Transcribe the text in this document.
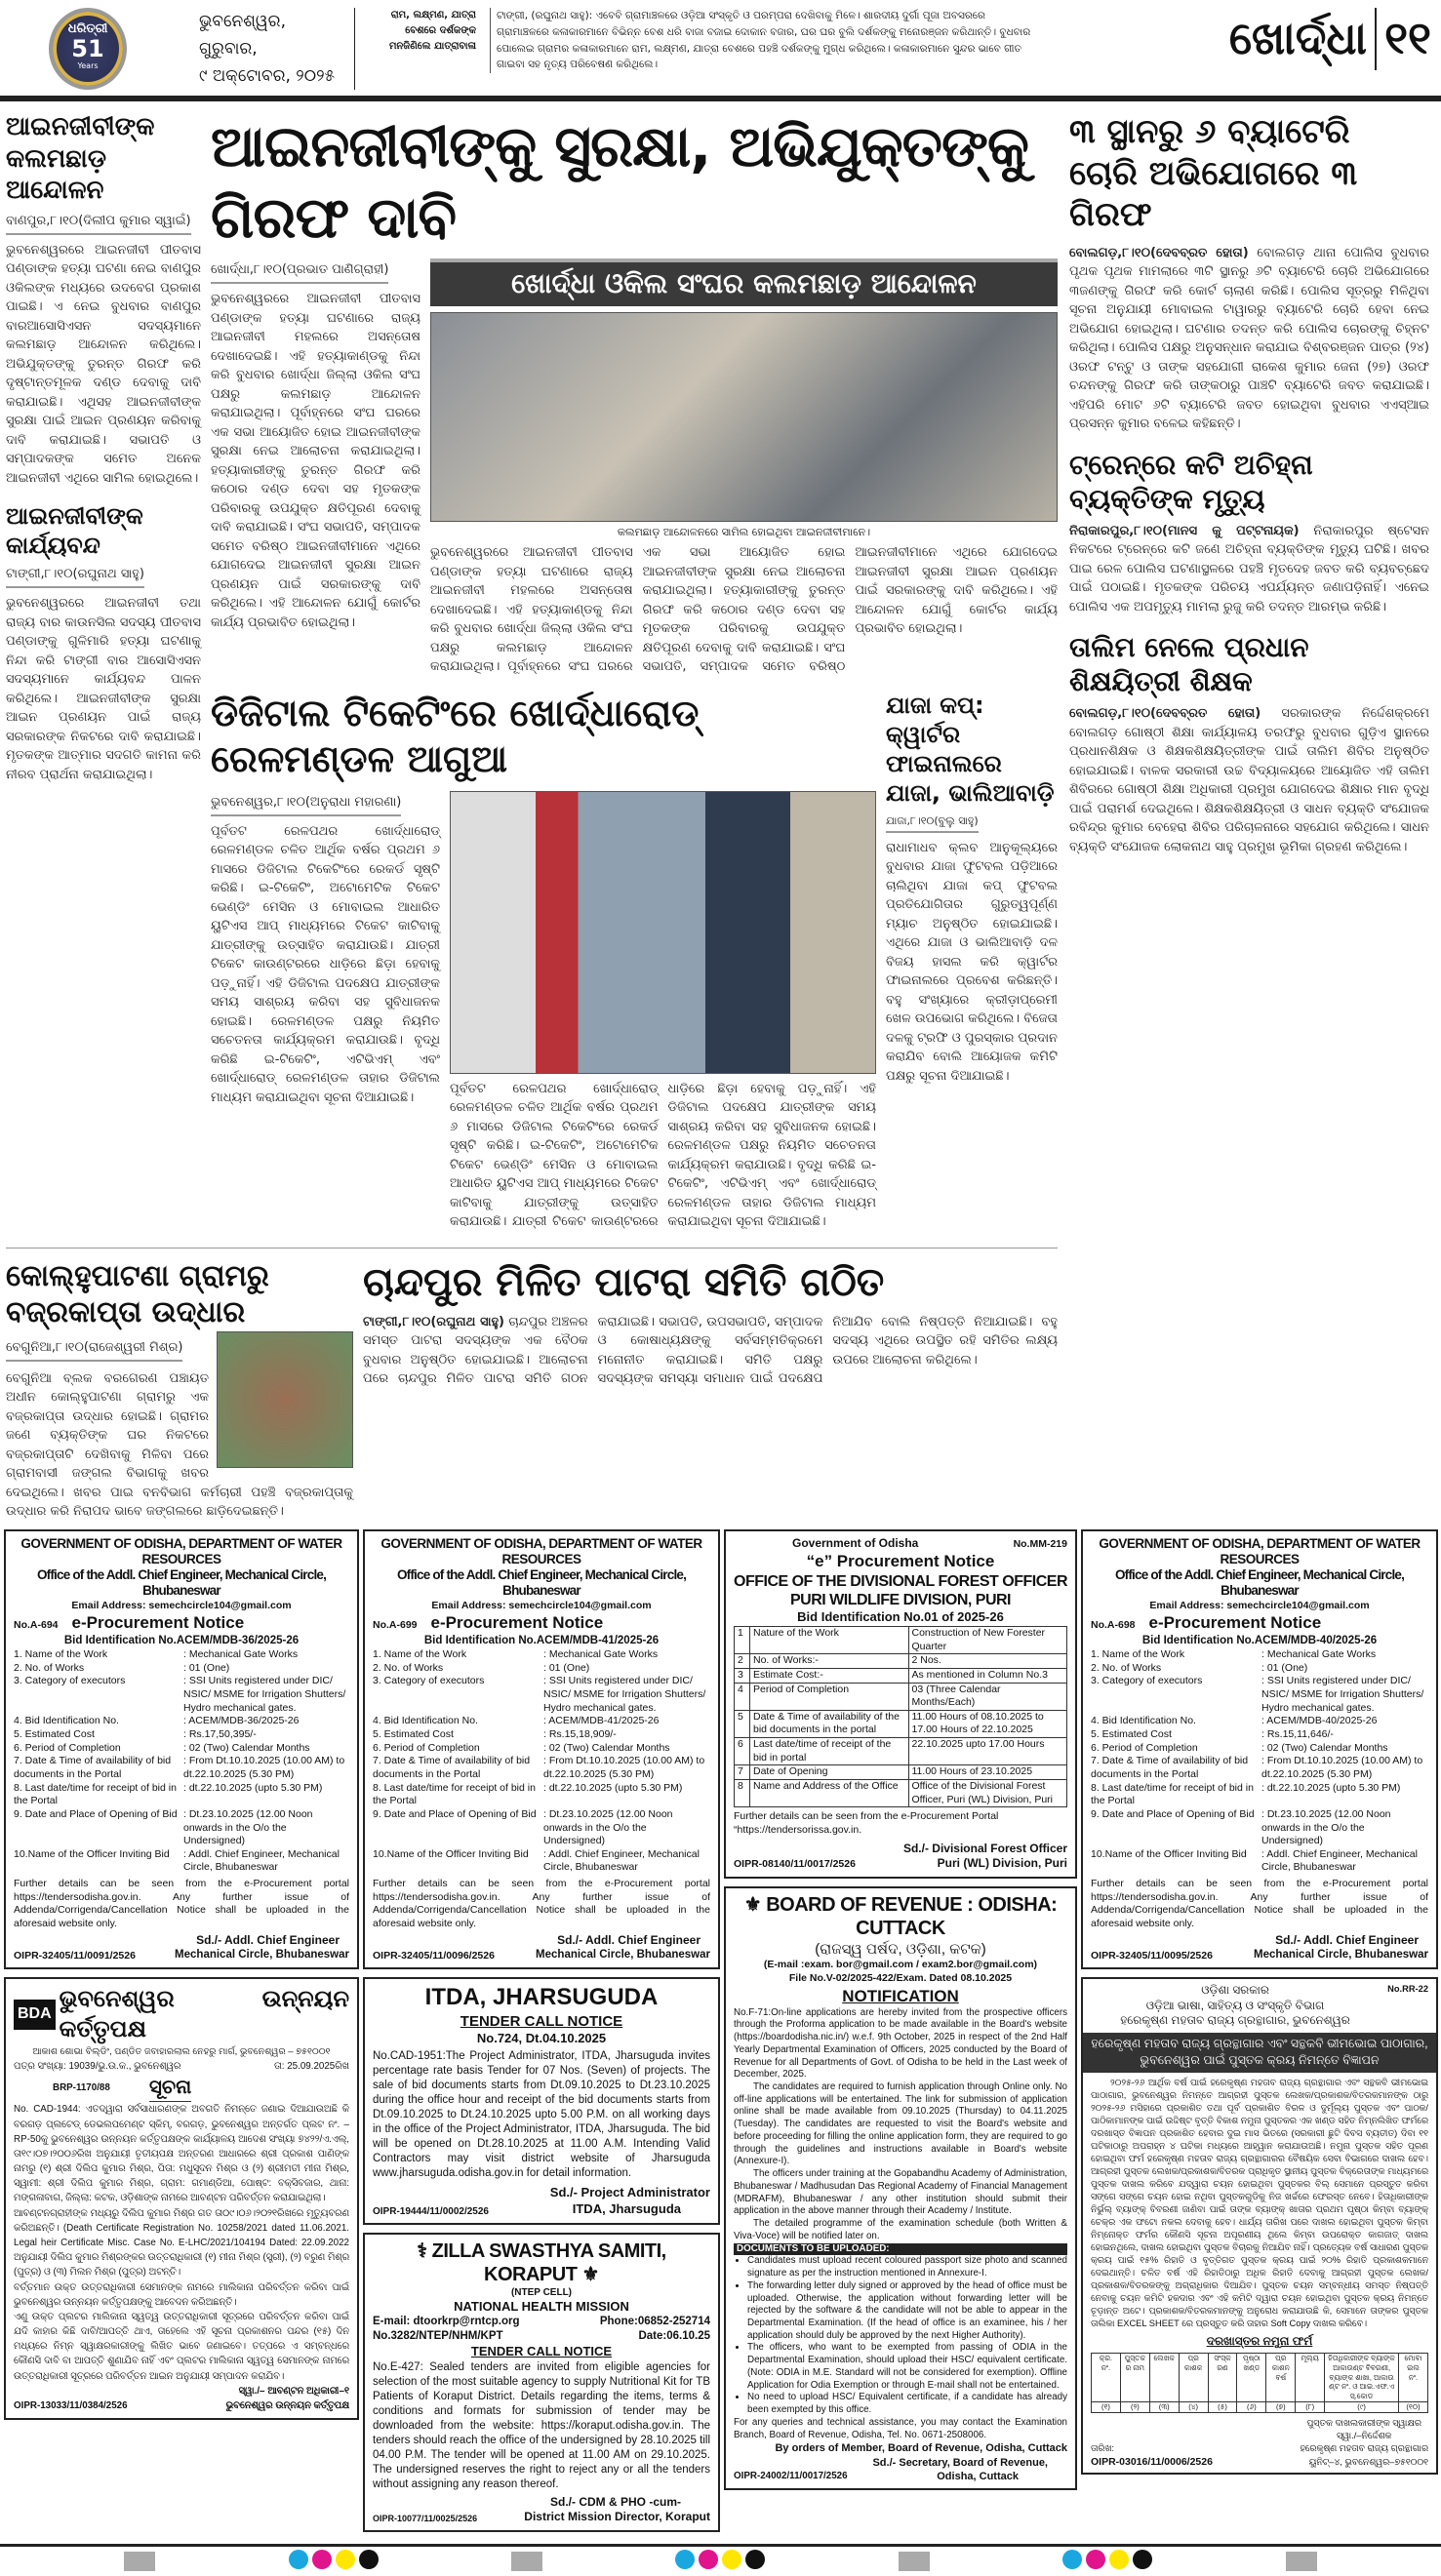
ଧରିତ୍ରୀ
51
Years
ଭୁବନେଶ୍ୱର, ଗୁରୁବାର,
୯ ଅକ୍ଟୋବର, ୨୦୨୫
ରାମ, ଲକ୍ଷ୍ମଣ, ଯାତ୍ରା ବେଶରେ ଦର୍ଶକଙ୍କ ମନଜିଣିଲେ ଯାତ୍ରାବାଳା
ଟାଙ୍ଗୀ, (ରଘୁନାଥ ସାହୁ): ଏବେବି ଗ୍ରାମାଞ୍ଚଳରେ ଓଡ଼ିଆ ସଂସ୍କୃତି ଓ ପରମ୍ପରା ଦେଖିବାକୁ ମିଳେ। ଶାରଦୀୟ ଦୁର୍ଗା ପୂଜା ଅବସରରେ ଗ୍ରାମାଞ୍ଚଳରେ କଳାକାରମାନେ ବିଭିନ୍ନ ବେଶ ଧରି ବାଜା ବଜାଇ ଦୋକାନ ବଜାର, ଘର ଘର ବୁଲି ଦର୍ଶକଙ୍କୁ ମନୋରଞ୍ଜନ କରିଥାନ୍ତି। ବୁଧବାର ପୋଲେଇ ଗ୍ରାମର କଳାକାରମାନେ ରାମ, ଲକ୍ଷ୍ମଣ, ଯାତ୍ରା ବେଶରେ ପହଞ୍ଚି ଦର୍ଶକଙ୍କୁ ମୁଗ୍ଧ କରିଥିଲେ। କଳାକାରମାନେ ସୁନ୍ଦର ଭାବେ ଗୀତ ଗାଇବା ସହ ନୃତ୍ୟ ପରିବେଷଣ କରିଥିଲେ।
ଖୋର୍ଦ୍ଧା ୧୧
ଆଇନଜୀବୀଙ୍କ କଲମଛାଡ଼ ଆନ୍ଦୋଳନ
ବାଣପୁର,୮।୧୦(ଦିଲୀପ କୁମାର ସ୍ୱାଇଁ)
ଭୁବନେଶ୍ୱରରେ ଆଇନଜୀବୀ ପୀତବାସ ପଣ୍ଡାଙ୍କ ହତ୍ୟା ଘଟଣା ନେଇ ବାଣପୁର ଓକିଲଙ୍କ ମଧ୍ୟରେ ଉଦବେଗ ପ୍ରକାଶ ପାଇଛି। ଏ ନେଇ ବୁଧବାର ବାଣପୁର ବାରଆସୋସିଏସନ ସଦସ୍ୟମାନେ କଲମଛାଡ଼ ଆନ୍ଦୋଳନ କରିଥିଲେ। ଅଭିଯୁକ୍ତଙ୍କୁ ତୁରନ୍ତ ଗିରଫ କରି ଦୃଷ୍ଟାନ୍ତମୂଳକ ଦଣ୍ଡ ଦେବାକୁ ଦାବି କରାଯାଇଛି। ଏଥିସହ ଆଇନଜୀବୀଙ୍କ ସୁରକ୍ଷା ପାଇଁ ଆଇନ ପ୍ରଣୟନ କରିବାକୁ ଦାବି କରାଯାଇଛି। ସଭାପତି ଓ ସମ୍ପାଦକଙ୍କ ସମେତ ଅନେକ ଆଇନଜୀବୀ ଏଥିରେ ସାମିଲ ହୋଇଥିଲେ।
ଆଇନଜୀବୀଙ୍କ କାର୍ଯ୍ୟବନ୍ଦ
ଟାଙ୍ଗୀ,୮।୧୦(ରଘୁନାଥ ସାହୁ)
ଭୁବନେଶ୍ୱରରେ ଆଇନଜୀବୀ ତଥା ରାଜ୍ୟ ବାର କାଉନସିଲ ସଦସ୍ୟ ପୀତବାସ ପଣ୍ଡାଙ୍କୁ ଗୁଳିମାରି ହତ୍ୟା ଘଟଣାକୁ ନିନ୍ଦା କରି ଟାଙ୍ଗୀ ବାର ଆସୋସିଏସନ ସଦସ୍ୟମାନେ କାର୍ଯ୍ୟବନ୍ଦ ପାଳନ କରିଥିଲେ। ଆଇନଜୀବୀଙ୍କ ସୁରକ୍ଷା ଆଇନ ପ୍ରଣୟନ ପାଇଁ ରାଜ୍ୟ ସରକାରଙ୍କ ନିକଟରେ ଦାବି କରାଯାଇଛି। ମୃତକଙ୍କ ଆତ୍ମାର ସଦଗତି କାମନା କରି ନୀରବ ପ୍ରାର୍ଥନା କରାଯାଇଥିଲା।
ଆଇନଜୀବୀଙ୍କୁ ସୁରକ୍ଷା, ଅଭିଯୁକ୍ତଙ୍କୁ ଗିରଫ ଦାବି
ଖୋର୍ଦ୍ଧା,୮।୧୦(ପ୍ରଭାତ ପାଣିଗ୍ରାହୀ)
ଭୁବନେଶ୍ୱରରେ ଆଇନଜୀବୀ ପୀତବାସ ପଣ୍ଡାଙ୍କ ହତ୍ୟା ଘଟଣାରେ ରାଜ୍ୟ ଆଇନଜୀବୀ ମହଲରେ ଅସନ୍ତୋଷ ଦେଖାଦେଇଛି। ଏହି ହତ୍ୟାକାଣ୍ଡକୁ ନିନ୍ଦା କରି ବୁଧବାର ଖୋର୍ଦ୍ଧା ଜିଲ୍ଲା ଓକିଲ ସଂଘ ପକ୍ଷରୁ କଲମଛାଡ଼ ଆନ୍ଦୋଳନ କରାଯାଇଥିଲା। ପୂର୍ବାହ୍ନରେ ସଂଘ ଘରରେ ଏକ ସଭା ଆୟୋଜିତ ହୋଇ ଆଇନଜୀବୀଙ୍କ ସୁରକ୍ଷା ନେଇ ଆଲୋଚନା କରାଯାଇଥିଲା। ହତ୍ୟାକାରୀଙ୍କୁ ତୁରନ୍ତ ଗିରଫ କରି କଠୋର ଦଣ୍ଡ ଦେବା ସହ ମୃତକଙ୍କ ପରିବାରକୁ ଉପଯୁକ୍ତ କ୍ଷତିପୂରଣ ଦେବାକୁ ଦାବି କରାଯାଇଛି। ସଂଘ ସଭାପତି, ସମ୍ପାଦକ ସମେତ ବରିଷ୍ଠ ଆଇନଜୀବୀମାନେ ଏଥିରେ ଯୋଗଦେଇ ଆଇନଜୀବୀ ସୁରକ୍ଷା ଆଇନ ପ୍ରଣୟନ ପାଇଁ ସରକାରଙ୍କୁ ଦାବି କରିଥିଲେ। ଏହି ଆନ୍ଦୋଳନ ଯୋଗୁଁ କୋର୍ଟର କାର୍ଯ୍ୟ ପ୍ରଭାବିତ ହୋଇଥିଲା।
ଖୋର୍ଦ୍ଧା ଓକିଲ ସଂଘର କଲମଛାଡ଼ ଆନ୍ଦୋଳନ
କଲମଛାଡ଼ ଆନ୍ଦୋଳନରେ ସାମିଲ ହୋଇଥିବା ଆଇନଜୀବୀମାନେ।
ଭୁବନେଶ୍ୱରରେ ଆଇନଜୀବୀ ପୀତବାସ ପଣ୍ଡାଙ୍କ ହତ୍ୟା ଘଟଣାରେ ରାଜ୍ୟ ଆଇନଜୀବୀ ମହଲରେ ଅସନ୍ତୋଷ ଦେଖାଦେଇଛି। ଏହି ହତ୍ୟାକାଣ୍ଡକୁ ନିନ୍ଦା କରି ବୁଧବାର ଖୋର୍ଦ୍ଧା ଜିଲ୍ଲା ଓକିଲ ସଂଘ ପକ୍ଷରୁ କଲମଛାଡ଼ ଆନ୍ଦୋଳନ କରାଯାଇଥିଲା। ପୂର୍ବାହ୍ନରେ ସଂଘ ଘରରେ ଏକ ସଭା ଆୟୋଜିତ ହୋଇ ଆଇନଜୀବୀଙ୍କ ସୁରକ୍ଷା ନେଇ ଆଲୋଚନା କରାଯାଇଥିଲା। ହତ୍ୟାକାରୀଙ୍କୁ ତୁରନ୍ତ ଗିରଫ କରି କଠୋର ଦଣ୍ଡ ଦେବା ସହ ମୃତକଙ୍କ ପରିବାରକୁ ଉପଯୁକ୍ତ କ୍ଷତିପୂରଣ ଦେବାକୁ ଦାବି କରାଯାଇଛି। ସଂଘ ସଭାପତି, ସମ୍ପାଦକ ସମେତ ବରିଷ୍ଠ ଆଇନଜୀବୀମାନେ ଏଥିରେ ଯୋଗଦେଇ ଆଇନଜୀବୀ ସୁରକ୍ଷା ଆଇନ ପ୍ରଣୟନ ପାଇଁ ସରକାରଙ୍କୁ ଦାବି କରିଥିଲେ। ଏହି ଆନ୍ଦୋଳନ ଯୋଗୁଁ କୋର୍ଟର କାର୍ଯ୍ୟ ପ୍ରଭାବିତ ହୋଇଥିଲା।
ଡିଜିଟାଲ ଟିକେଟିଂରେ ଖୋର୍ଦ୍ଧାରୋଡ୍ ରେଳମଣ୍ଡଳ ଆଗୁଆ
ଭୁବନେଶ୍ୱର,୮।୧୦(ଅନୁରାଧା ମହାରଣା)
ପୂର୍ବତଟ ରେଳପଥର ଖୋର୍ଦ୍ଧାରୋଡ୍ ରେଳମଣ୍ଡଳ ଚଳିତ ଆର୍ଥିକ ବର୍ଷର ପ୍ରଥମ ୬ ମାସରେ ଡିଜିଟାଲ ଟିକେଟିଂରେ ରେକର୍ଡ ସୃଷ୍ଟି କରିଛି। ଇ-ଟିକେଟିଂ, ଅଟୋମେଟିକ ଟିକେଟ ଭେଣ୍ଡିଂ ମେସିନ ଓ ମୋବାଇଲ ଆଧାରିତ ୟୁଟିଏସ ଆପ୍‌ ମାଧ୍ୟମରେ ଟିକେଟ କାଟିବାକୁ ଯାତ୍ରୀଙ୍କୁ ଉତ୍ସାହିତ କରାଯାଉଛି। ଯାତ୍ରୀ ଟିକେଟ କାଉଣ୍ଟରରେ ଧାଡ଼ିରେ ଛିଡ଼ା ହେବାକୁ ପଡ଼ୁନାହିଁ। ଏହି ଡିଜିଟାଲ ପଦକ୍ଷେପ ଯାତ୍ରୀଙ୍କ ସମୟ ସାଶ୍ରୟ କରିବା ସହ ସୁବିଧାଜନକ ହୋଇଛି। ରେଳମଣ୍ଡଳ ପକ୍ଷରୁ ନିୟମିତ ସଚେତନତା କାର୍ଯ୍ୟକ୍ରମ କରାଯାଉଛି। ବୃଦ୍ଧି କରିଛି ଇ-ଟିକେଟିଂ, ଏଟିଭିଏମ୍ ଏବଂ ଖୋର୍ଦ୍ଧାରୋଡ୍ ରେଳମଣ୍ଡଳ ତାହାର ଡିଜିଟାଲ ମାଧ୍ୟମ କରାଯାଇଥିବା ସୂଚନା ଦିଆଯାଇଛି।
ପୂର୍ବତଟ ରେଳପଥର ଖୋର୍ଦ୍ଧାରୋଡ୍ ରେଳମଣ୍ଡଳ ଚଳିତ ଆର୍ଥିକ ବର୍ଷର ପ୍ରଥମ ୬ ମାସରେ ଡିଜିଟାଲ ଟିକେଟିଂରେ ରେକର୍ଡ ସୃଷ୍ଟି କରିଛି। ଇ-ଟିକେଟିଂ, ଅଟୋମେଟିକ ଟିକେଟ ଭେଣ୍ଡିଂ ମେସିନ ଓ ମୋବାଇଲ ଆଧାରିତ ୟୁଟିଏସ ଆପ୍‌ ମାଧ୍ୟମରେ ଟିକେଟ କାଟିବାକୁ ଯାତ୍ରୀଙ୍କୁ ଉତ୍ସାହିତ କରାଯାଉଛି। ଯାତ୍ରୀ ଟିକେଟ କାଉଣ୍ଟରରେ ଧାଡ଼ିରେ ଛିଡ଼ା ହେବାକୁ ପଡ଼ୁନାହିଁ। ଏହି ଡିଜିଟାଲ ପଦକ୍ଷେପ ଯାତ୍ରୀଙ୍କ ସମୟ ସାଶ୍ରୟ କରିବା ସହ ସୁବିଧାଜନକ ହୋଇଛି। ରେଳମଣ୍ଡଳ ପକ୍ଷରୁ ନିୟମିତ ସଚେତନତା କାର୍ଯ୍ୟକ୍ରମ କରାଯାଉଛି। ବୃଦ୍ଧି କରିଛି ଇ-ଟିକେଟିଂ, ଏଟିଭିଏମ୍ ଏବଂ ଖୋର୍ଦ୍ଧାରୋଡ୍ ରେଳମଣ୍ଡଳ ତାହାର ଡିଜିଟାଲ ମାଧ୍ୟମ କରାଯାଇଥିବା ସୂଚନା ଦିଆଯାଇଛି।
ଯାଜା କପ୍‌: କ୍ୱାର୍ଟର ଫାଇନାଲରେ ଯାଜା, ଭାଲିଆବାଡ଼ି
ଯାଜା,୮।୧୦(ବୁଲୁ ସାହୁ)
ରାଧାମାଧବ କ୍ଲବ ଆନୁକୂଲ୍ୟରେ ବୁଧବାର ଯାଜା ଫୁଟବଲ ପଡ଼ିଆରେ ଚାଲିଥିବା ଯାଜା କପ୍‌ ଫୁଟବଲ ପ୍ରତିଯୋଗିତାର ଗୁରୁତ୍ୱପୂର୍ଣ୍ଣ ମ୍ୟାଚ ଅନୁଷ୍ଠିତ ହୋଇଯାଇଛି। ଏଥିରେ ଯାଜା ଓ ଭାଲିଆବାଡ଼ି ଦଳ ବିଜୟ ହାସଲ କରି କ୍ୱାର୍ଟର ଫାଇନାଲରେ ପ୍ରବେଶ କରିଛନ୍ତି। ବହୁ ସଂଖ୍ୟାରେ କ୍ରୀଡ଼ାପ୍ରେମୀ ଖେଳ ଉପଭୋଗ କରିଥିଲେ। ବିଜେତା ଦଳକୁ ଟ୍ରଫି ଓ ପୁରସ୍କାର ପ୍ରଦାନ କରାଯିବ ବୋଲି ଆୟୋଜକ କମିଟି ପକ୍ଷରୁ ସୂଚନା ଦିଆଯାଇଛି।
କୋଲ୍ହୁପାଟଣା ଗ୍ରାମରୁ ବଜ୍ରକାପ୍ତା ଉଦ୍ଧାର
ବେଗୁନିଆ,୮।୧୦(ରାଜେଶ୍ୱରୀ ମିଶ୍ର)
ବେଗୁନିଆ ବ୍ଲକ ବରଗେରଣ ପଞ୍ଚାୟତ ଅଧୀନ କୋଲ୍ହୁପାଟଣା ଗ୍ରାମରୁ ଏକ ବଜ୍ରକାପ୍ତା ଉଦ୍ଧାର ହୋଇଛି। ଗ୍ରାମର ଜଣେ ବ୍ୟକ୍ତିଙ୍କ ଘର ନିକଟରେ ବଜ୍ରକାପ୍ତାଟି ଦେଖିବାକୁ ମିଳିବା ପରେ ଗ୍ରାମବାସୀ ଜଙ୍ଗଲ ବିଭାଗକୁ ଖବର ଦେଇଥିଲେ। ଖବର ପାଇ ବନବିଭାଗ କର୍ମଚାରୀ ପହଞ୍ଚି ବଜ୍ରକାପ୍ତାକୁ ଉଦ୍ଧାର କରି ନିରାପଦ ଭାବେ ଜଙ୍ଗଲରେ ଛାଡ଼ିଦେଇଛନ୍ତି।
ଚାନ୍ଦପୁର ମିଳିତ ପାଟରା ସମିତି ଗଠିତ
ଟାଙ୍ଗୀ,୮।୧୦(ରଘୁନାଥ ସାହୁ) ଚାନ୍ଦପୁର ଅଞ୍ଚଳର ସମସ୍ତ ପାଟରା ସଦସ୍ୟଙ୍କ ଏକ ବୈଠକ ବୁଧବାର ଅନୁଷ୍ଠିତ ହୋଇଯାଇଛି। ଆଲୋଚନା ପରେ ଚାନ୍ଦପୁର ମିଳିତ ପାଟରା ସମିତି ଗଠନ କରାଯାଇଛି। ସଭାପତି, ଉପସଭାପତି, ସମ୍ପାଦକ ଓ କୋଷାଧ୍ୟକ୍ଷଙ୍କୁ ସର୍ବସମ୍ମତିକ୍ରମେ ମନୋନୀତ କରାଯାଇଛି। ସମିତି ପକ୍ଷରୁ ସଦସ୍ୟଙ୍କ ସମସ୍ୟା ସମାଧାନ ପାଇଁ ପଦକ୍ଷେପ ନିଆଯିବ ବୋଲି ନିଷ୍ପତ୍ତି ନିଆଯାଇଛି। ବହୁ ସଦସ୍ୟ ଏଥିରେ ଉପସ୍ଥିତ ରହି ସମିତିର ଲକ୍ଷ୍ୟ ଉପରେ ଆଲୋଚନା କରିଥିଲେ।
୩ ସ୍ଥାନରୁ ୬ ବ୍ୟାଟେରି ଚୋରି ଅଭିଯୋଗରେ ୩ ଗିରଫ
ବୋଲଗଡ଼,୮।୧୦(ଦେବବ୍ରତ ହୋତା) ବୋଲଗଡ଼ ଥାନା ପୋଲିସ ବୁଧବାର ପୃଥକ ପୃଥକ ମାମଲାରେ ୩ଟି ସ୍ଥାନରୁ ୬ଟି ବ୍ୟାଟେରି ଚୋରି ଅଭିଯୋଗରେ ୩ଜଣଙ୍କୁ ଗିରଫ କରି କୋର୍ଟ ଚାଲାଣ କରିଛି। ପୋଲିସ ସୂତ୍ରରୁ ମିଳିଥିବା ସୂଚନା ଅନୁଯାୟୀ ମୋବାଇଲ ଟାୱାରରୁ ବ୍ୟାଟେରି ଚୋରି ହେବା ନେଇ ଅଭିଯୋଗ ହୋଇଥିଲା। ଘଟଣାର ତଦନ୍ତ କରି ପୋଲିସ ଚୋରଙ୍କୁ ଚିହ୍ନଟ କରିଥିଲା। ପୋଲିସ ପକ୍ଷରୁ ଅନୁସନ୍ଧାନ କରାଯାଇ ବିଶ୍ବରଞ୍ଜନ ପାତ୍ର (୨୪) ଓରଫ ଟନ୍ଟୁ ଓ ତାଙ୍କ ସହଯୋଗୀ ରାକେଶ କୁମାର ଜେନା (୨୭) ଓରଫ ଚନ୍ଦନଙ୍କୁ ଗିରଫ କରି ତାଙ୍କଠାରୁ ପାଞ୍ଚଟି ବ୍ୟାଟେରି ଜବତ କରାଯାଇଛି। ଏହିପରି ମୋଟ ୬ଟି ବ୍ୟାଟେରି ଜବତ ହୋଇଥିବା ବୁଧବାର ଏଏସ୍‌ଆଇ ପ୍ରସନ୍ନ କୁମାର ବଳେଇ କହିଛନ୍ତି।
ଟ୍ରେନ୍‌ରେ କଟି ଅଚିହ୍ନା ବ୍ୟକ୍ତିଙ୍କ ମୃତ୍ୟୁ
ନିରାକାରପୁର,୮।୧୦(ମାନସ କୁ ପଟ୍ଟନାୟକ) ନିରାକାରପୁର ଷ୍ଟେସନ ନିକଟରେ ଟ୍ରେନ୍‌ରେ କଟି ଜଣେ ଅଚିହ୍ନା ବ୍ୟକ୍ତିଙ୍କ ମୃତ୍ୟୁ ଘଟିଛି। ଖବର ପାଇ ରେଳ ପୋଲିସ ଘଟଣାସ୍ଥଳରେ ପହଞ୍ଚି ମୃତଦେହ ଜବତ କରି ବ୍ୟବଚ୍ଛେଦ ପାଇଁ ପଠାଇଛି। ମୃତକଙ୍କ ପରିଚୟ ଏପର୍ଯ୍ୟନ୍ତ ଜଣାପଡ଼ିନାହିଁ। ଏନେଇ ପୋଲିସ ଏକ ଅପମୃତ୍ୟୁ ମାମଲା ରୁଜୁ କରି ତଦନ୍ତ ଆରମ୍ଭ କରିଛି।
ତାଲିମ ନେଲେ ପ୍ରଧାନ ଶିକ୍ଷୟିତ୍ରୀ ଶିକ୍ଷକ
ବୋଲଗଡ଼,୮।୧୦(ଦେବବ୍ରତ ହୋତା) ସରକାରଙ୍କ ନିର୍ଦ୍ଦେଶକ୍ରମେ ବୋଲଗଡ଼ ଗୋଷ୍ଠୀ ଶିକ୍ଷା କାର୍ଯ୍ୟାଳୟ ତରଫରୁ ବୁଧବାର ଗୁଡ଼ିଏ ସ୍ଥାନରେ ପ୍ରଧାନଶିକ୍ଷକ ଓ ଶିକ୍ଷକଶିକ୍ଷୟିତ୍ରୀଙ୍କ ପାଇଁ ତାଲିମ ଶିବିର ଅନୁଷ୍ଠିତ ହୋଇଯାଇଛି। ବାଳକ ସରକାରୀ ଉଚ୍ଚ ବିଦ୍ୟାଳୟରେ ଆୟୋଜିତ ଏହି ତାଲିମ ଶିବିରରେ ଗୋଷ୍ଠୀ ଶିକ୍ଷା ଅଧିକାରୀ ପ୍ରମୁଖ ଯୋଗଦେଇ ଶିକ୍ଷାର ମାନ ବୃଦ୍ଧି ପାଇଁ ପରାମର୍ଶ ଦେଇଥିଲେ। ଶିକ୍ଷକଶିକ୍ଷୟିତ୍ରୀ ଓ ସାଧନ ବ୍ୟକ୍ତି ସଂଯୋଜକ ରବିନ୍ଦ୍ର କୁମାର ବେହେରା ଶିବିର ପରିଚାଳନାରେ ସହଯୋଗ କରିଥିଲେ। ସାଧନ ବ୍ୟକ୍ତି ସଂଯୋଜକ ଲୋକନାଥ ସାହୁ ପ୍ରମୁଖ ଭୂମିକା ଗ୍ରହଣ କରିଥିଲେ।
GOVERNMENT OF ODISHA, DEPARTMENT OF WATER RESOURCES
Office of the Addl. Chief Engineer, Mechanical Circle, Bhubaneswar
Email Address: semechcircle104@gmail.com
No.A-694 e-Procurement Notice
Bid Identification No.ACEM/MDB-36/2025-26
1. Name of the Work	: Mechanical Gate Works
2. No. of Works	: 01 (One)
3. Category of executors	: SSI Units registered under DIC/ NSIC/ MSME for Irrigation Shutters/ Hydro mechanical gates.
4. Bid Identification No.	: ACEM/MDB-36/2025-26
5. Estimated Cost	: Rs.17,50,395/-
6. Period of Completion	: 02 (Two) Calendar Months
7. Date & Time of availability of bid documents in the Portal
: From Dt.10.10.2025 (10.00 AM) to dt.22.10.2025 (5.30 PM)
8. Last date/time for receipt of bid in the Portal
: dt.22.10.2025 (upto 5.30 PM)
9. Date and Place of Opening of Bid : Dt.23.10.2025 (12.00 Noon onwards in the O/o the Undersigned)
10.Name of the Officer Inviting Bid	: Addl. Chief Engineer, Mechanical Circle, Bhubaneswar
Further details can be seen from the e-Procurement portal https://tendersodisha.gov.in. Any further issue of Addenda/Corrigenda/Cancellation Notice shall be uploaded in the aforesaid website only.
Sd./- Addl. Chief Engineer
OIPR-32405/11/0091/2526	Mechanical Circle, Bhubaneswar
BDA
ଭୁବନେଶ୍ୱର ଉନ୍ନୟନ କର୍ତ୍ତୃପକ୍ଷ
ଆକାଶ ଶୋଭା ବିଲ୍ଡିଂ, ପଣ୍ଡିତ ଜବାହାରଲାଲ ନେହରୁ ମାର୍ଗ, ଭୁବନେଶ୍ୱର – ୭୫୧୦୦୧
ପତ୍ର ସଂଖ୍ୟା: 19039/ଭୁ.ଉ.କ., ଭୁବନେଶ୍ୱର	ତା: 25.09.2025ରିଖ
BRP-1170/88 ସୂଚନା
No. CAD-1944: ଏତଦ୍ୱାରା ସର୍ବସାଧାରଣଙ୍କ ଅବଗତି ନିମନ୍ତେ ଜଣାଇ ଦିଆଯାଉଅଛି କି ବରଗଡ଼ ପ୍ଲଟେଡ୍ ଡେଭଲପମେଣ୍ଟ ସ୍କିମ୍, ବରଗଡ଼, ଭୁବନେଶ୍ୱର ଅନ୍ତର୍ଗତ ପ୍ଲଟ ନଂ. – RP-50କୁ ଭୁବନେଶ୍ୱର ଉନ୍ନୟନ କର୍ତ୍ତୃପକ୍ଷଙ୍କ କାର୍ଯ୍ୟାଳୟ ଆଦେଶ ସଂଖ୍ୟା ୭୪୨୨/ଏ.ଏଲ୍, ତା୧୯।୦୭।୨୦୦୬ରିଖ ଅନୁଯାୟୀ ତୃତୀୟପକ୍ଷ ଅନ୍ତରଣ ଆଧାରରେ ଶ୍ରୀ ପ୍ରକାଶ ପାଣିଙ୍କ ନାମରୁ (୧) ଶ୍ରୀ ଦିଲିପ କୁମାର ମିଶ୍ର, ପିତା: ମଧୁସୂଦନ ମିଶ୍ର ଓ (୨) ଶ୍ରୀମତୀ ମୀନା ମିଶ୍ର, ସ୍ୱାମୀ: ଶ୍ରୀ ଦିଲିପ କୁମାର ମିଶ୍ର, ଗ୍ରାମ: ଗମାଣ୍ଡିଆ, ପୋଷ୍ଟ: ବକ୍ସିବଜାର, ଥାନା: ମଙ୍ଗଳାବାଗ, ଜିଲ୍ଲା: କଟକ, ଓଡ଼ିଶାଙ୍କ ନାମରେ ଆବଣ୍ଟନ ପରିବର୍ତ୍ତନ କରାଯାଇଥିଲା।
ଆବଣ୍ଟନଗ୍ରାହୀଙ୍କ ମଧ୍ୟରୁ ଦିଲିପ କୁମାର ମିଶ୍ର ଗତ ତା୦୯।୦୬।୨୦୨୧ରିଖରେ ମୃତ୍ୟୁବରଣ କରିଅଛନ୍ତି। (Death Certificate Registration No. 10258/2021 dated 11.06.2021. Legal heir Certificate Misc. Case No. E-LHC/2021/104194 Dated: 22.09.2022 ଅନୁଯାୟୀ ଦିଲିପ କୁମାର ମିଶ୍ରଙ୍କର ଉତ୍ତରାଧିକାରୀ (୧) ମୀନା ମିଶ୍ର (ସ୍ତ୍ରୀ), (୨) ବରୁଣ ମିଶ୍ର (ପୁତ୍ର) ଓ (୩) ମିଲନ ମିଶ୍ର (ପୁତ୍ର) ଅଟନ୍ତି।
ବର୍ତ୍ତମାନ ଉକ୍ତ ଉତ୍ତରାଧିକାରୀ ସେମାନଙ୍କ ନାମରେ ମାଲିକାନା ପରିବର୍ତ୍ତନ କରିବା ପାଇଁ ଭୁବନେଶ୍ୱର ଉନ୍ନୟନ କର୍ତ୍ତୃପକ୍ଷଙ୍କୁ ଆବେଦନ କରିଅଛନ୍ତି।
ଏଣୁ ଉକ୍ତ ପ୍ଲଟର ମାଲିକାନା ସ୍ୱତ୍ୱ ଉତ୍ତରାଧିକାରୀ ସୂତ୍ରରେ ପରିବର୍ତ୍ତନ କରିବା ପାଇଁ ଯଦି କାହାର କିଛି ଦାବି/ଆପତ୍ତି ଥାଏ, ତାହେଲେ ଏହି ସୂଚନା ପ୍ରକାଶନର ପନ୍ଦର (୧୫) ଦିନ ମଧ୍ୟରେ ନିମ୍ନ ସ୍ୱାକ୍ଷରକାରୀଙ୍କୁ ଲିଖିତ ଭାବେ ଜଣାଇବେ। ତତ୍‌ପରେ ଏ ସମ୍ବନ୍ଧରେ କୌଣସି ଦାବି ବା ଆପତ୍ତି ଶୁଣାଯିବ ନାହିଁ ଏବଂ ପ୍ଲଟର ମାଲିକାନା ସ୍ୱତ୍ୱ ସେମାନଙ୍କ ନାମରେ ଉତ୍ତରାଧିକାରୀ ସୂତ୍ରରେ ପରିବର୍ତ୍ତନ ଆଇନ ଅନୁଯାୟୀ ସମ୍ପାଦନ କରାଯିବ।
ସ୍ୱା./– ଆବଣ୍ଟନ ଅଧିକାରୀ–୧
OIPR-13033/11/0384/2526	ଭୁବନେଶ୍ୱର ଉନ୍ନୟନ କର୍ତ୍ତୃପକ୍ଷ
GOVERNMENT OF ODISHA, DEPARTMENT OF WATER RESOURCES
Office of the Addl. Chief Engineer, Mechanical Circle, Bhubaneswar
Email Address: semechcircle104@gmail.com
No.A-699 e-Procurement Notice
Bid Identification No.ACEM/MDB-41/2025-26
1. Name of the Work	: Mechanical Gate Works
2. No. of Works	: 01 (One)
3. Category of executors	: SSI Units registered under DIC/ NSIC/ MSME for Irrigation Shutters/ Hydro mechanical gates.
4. Bid Identification No.	: ACEM/MDB-41/2025-26
5. Estimated Cost	: Rs.15,18,909/-
6. Period of Completion	: 02 (Two) Calendar Months
7. Date & Time of availability of bid documents in the Portal
: From Dt.10.10.2025 (10.00 AM) to dt.22.10.2025 (5.30 PM)
8. Last date/time for receipt of bid in the Portal
: dt.22.10.2025 (upto 5.30 PM)
9. Date and Place of Opening of Bid : Dt.23.10.2025 (12.00 Noon onwards in the O/o the Undersigned)
10.Name of the Officer Inviting Bid	: Addl. Chief Engineer, Mechanical Circle, Bhubaneswar
Further details can be seen from the e-Procurement portal https://tendersodisha.gov.in. Any further issue of Addenda/Corrigenda/Cancellation Notice shall be uploaded in the aforesaid website only.
Sd./- Addl. Chief Engineer
OIPR-32405/11/0096/2526	Mechanical Circle, Bhubaneswar
ITDA, JHARSUGUDA
TENDER CALL NOTICE
No.724, Dt.04.10.2025
No.CAD-1951:The Project Administrator, ITDA, Jharsuguda invites percentage rate basis Tender for 07 Nos. (Seven) of projects. The sale of bid documents starts from Dt.09.10.2025 to Dt.23.10.2025 during the office hour and receipt of the bid documents starts from Dt.09.10.2025 to Dt.24.10.2025 upto 5.00 P.M. on all working days in the office of the Project Administrator, ITDA, Jharsuguda. The bid will be opened on Dt.28.10.2025 at 11.00 A.M. Intending Valid Contractors may visit district website of Jharsuguda www.jharsuguda.odisha.gov.in for detail information.
Sd./- Project Administrator
OIPR-19444/11/0002/2526	ITDA, Jharsuguda
⚕ ZILLA SWASTHYA SAMITI, KORAPUT ⚜
(NTEP CELL)
NATIONAL HEALTH MISSION
E-mail: dtoorkrp@rntcp.org	Phone:06852-252714
No.3282/NTEP/NHM/KPT	Date:06.10.25
TENDER CALL NOTICE
No.E-427: Sealed tenders are invited from eligible agencies for selection of the most suitable agency to supply Nutritional Kit for TB Patients of Koraput District. Details regarding the items, terms & conditions and formats for submission of tender may be downloaded from the website: https://koraput.odisha.gov.in. The tenders should reach the office of the undersigned by 28.10.2025 till 04.00 P.M. The tender will be opened at 11.00 AM on 29.10.2025. The undersigned reserves the right to reject any or all the tenders without assigning any reason thereof.
Sd./- CDM & PHO -cum-
OIPR-10077/11/0025/2526	District Mission Director, Koraput
Government of Odisha	No.MM-219
“e” Procurement Notice
OFFICE OF THE DIVISIONAL FOREST OFFICER
PURI WILDLIFE DIVISION, PURI
Bid Identification No.01 of 2025-26
1	Nature of the Work	Construction of New Forester Quarter
2	No. of Works:-	2 Nos.
3	Estimate Cost:-	As mentioned in Column No.3
4	Period of Completion	03 (Three Calendar Months/Each)
5	Date & Time of availability of the bid documents in the portal	11.00 Hours of 08.10.2025 to 17.00 Hours of 22.10.2025
6	Last date/time of receipt of the bid in portal	22.10.2025 upto 17.00 Hours
7	Date of Opening	11.00 Hours of 23.10.2025
8	Name and Address of the Office	Office of the Divisional Forest Officer, Puri (WL) Division, Puri
Further details can be seen from the e-Procurement Portal “https://tendersorissa.gov.in.
Sd./- Divisional Forest Officer
OIPR-08140/11/0017/2526	Puri (WL) Division, Puri
⚜ BOARD OF REVENUE : ODISHA: CUTTACK
(ରାଜସ୍ୱ ପର୍ଷଦ, ଓଡ଼ିଶା, କଟକ)
(E-mail :exam. bor@gmail.com / exam2.bor@gmail.com)
File No.V-02/2025-422/Exam. Dated 08.10.2025
NOTIFICATION
No.F-71:On-line applications are hereby invited from the prospective officers through the Proforma application to be made available in the Board's website (https://boardodisha.nic.in/) w.e.f. 9th October, 2025 in respect of the 2nd Half Yearly Departmental Examination of Officers, 2025 conducted by the Board of Revenue for all Departments of Govt. of Odisha to be held in the Last week of December, 2025.
The candidates are required to furnish application through Online only. No off-line applications will be entertained. The link for submission of application online shall be made available from 09.10.2025 (Thursday) to 04.11.2025 (Tuesday). The candidates are requested to visit the Board's website and before proceeding for filling the online application form, they are required to go through the guidelines and instructions available in Board's website (Annexure-I).
The officers under training at the Gopabandhu Academy of Administration, Bhubaneswar / Madhusudan Das Regional Academy of Financial Management (MDRAFM), Bhubaneswar / any other institution should submit their application in the above manner through their Academy / Institute.
The detailed programme of the examination schedule (both Written & Viva-Voce) will be notified later on.
DOCUMENTS TO BE UPLOADED:
• Candidates must upload recent coloured passport size photo and scanned signature as per the instruction mentioned in Annexure-I.
• The forwarding letter duly signed or approved by the head of office must be uploaded. Otherwise, the application without forwarding letter will be rejected by the software & the candidate will not be able to appear in the Departmental Examination. (If the head of office is an examinee, his / her application should duly be approved by the next Higher Authority).
• The officers, who want to be exempted from passing of ODIA in the Departmental Examination, should upload their HSC/ equivalent certificate. (Note: ODIA in M.E. Standard will not be considered for exemption). Offline Application for Odia Exemption or through E-mail shall not be entertained.
• No need to upload HSC/ Equivalent certificate, if a candidate has already been exempted by this office.
For any queries and technical assistance, you may contact the Examination Branch, Board of Revenue, Odisha, Tel. No. 0671-2508006.
By orders of Member, Board of Revenue, Odisha, Cuttack
Sd./- Secretary, Board of Revenue,
OIPR-24002/11/0017/2526	Odisha, Cuttack
GOVERNMENT OF ODISHA, DEPARTMENT OF WATER RESOURCES
Office of the Addl. Chief Engineer, Mechanical Circle, Bhubaneswar
Email Address: semechcircle104@gmail.com
No.A-698 e-Procurement Notice
Bid Identification No.ACEM/MDB-40/2025-26
1. Name of the Work	: Mechanical Gate Works
2. No. of Works	: 01 (One)
3. Category of executors	: SSI Units registered under DIC/ NSIC/ MSME for Irrigation Shutters/ Hydro mechanical gates.
4. Bid Identification No.	: ACEM/MDB-40/2025-26
5. Estimated Cost	: Rs.15,11,646/-
6. Period of Completion	: 02 (Two) Calendar Months
7. Date & Time of availability of bid documents in the Portal
: From Dt.10.10.2025 (10.00 AM) to dt.22.10.2025 (5.30 PM)
8. Last date/time for receipt of bid in the Portal
: dt.22.10.2025 (upto 5.30 PM)
9. Date and Place of Opening of Bid : Dt.23.10.2025 (12.00 Noon onwards in the O/o the Undersigned)
10.Name of the Officer Inviting Bid	: Addl. Chief Engineer, Mechanical Circle, Bhubaneswar
Further details can be seen from the e-Procurement portal https://tendersodisha.gov.in. Any further issue of Addenda/Corrigenda/Cancellation Notice shall be uploaded in the aforesaid website only.
Sd./- Addl. Chief Engineer
OIPR-32405/11/0095/2526	Mechanical Circle, Bhubaneswar
ଓଡ଼ିଶା ସରକାର
ଓଡ଼ିଆ ଭାଷା, ସାହିତ୍ୟ ଓ ସଂସ୍କୃତି ବିଭାଗ
ହରେକୃଷ୍ଣ ମହତାବ ରାଜ୍ୟ ଗ୍ରନ୍ଥାଗାର, ଭୁବନେଶ୍ୱର
No.RR-22
ହରେକୃଷ୍ଣ ମହତାବ ରାଜ୍ୟ ଗ୍ରନ୍ଥାଗାର ଏବଂ ସନ୍ଥକବି ଭୀମଭୋଇ ପାଠାଗାର, ଭୁବନେଶ୍ୱର ପାଇଁ ପୁସ୍ତକ କ୍ରୟ ନିମନ୍ତେ ବିଜ୍ଞାପନ
୨୦୨୫-୨୬ ଆର୍ଥିକ ବର୍ଷ ପାଇଁ ହରେକୃଷ୍ଣ ମହତାବ ରାଜ୍ୟ ଗ୍ରନ୍ଥାଗାର ଏବଂ ସନ୍ଥକବି ଭୀମଭୋଇ ପାଠାଗାର, ଭୁବନେଶ୍ୱର ନିମନ୍ତେ ଆଗ୍ରହୀ ପୁସ୍ତକ ଲେଖକ/ପ୍ରକାଶକ/ବିତରକମାନଙ୍କ ଠାରୁ ୨୦୨୫-୨୬ ମସିହାରେ ପ୍ରକାଶିତ ତଥା ପୂର୍ବ ପ୍ରକାଶିତ ବିରଳ ଓ ଦୁର୍ମୂଲ୍ୟ ପୁସ୍ତକ ଏବଂ ପାଠକ/ପାଠିକାମାନଙ୍କ ପାଇଁ ଉଦ୍ଦିଷ୍ଟ ବୃତ୍ତି ବିକାଶ ନମୁନା ପୁସ୍ତକର ଏକ ଖଣ୍ଡ ସହିତ ନିମ୍ନଲିଖିତ ଫର୍ମରେ ଦରଖାସ୍ତ ବିଜ୍ଞାପନ ପ୍ରକାଶିତ ହେବାର ଦୁଇ ମାସ ଭିତରେ (ସରକାରୀ ଛୁଟି ଦିବସ ବ୍ୟତୀତ) ଦିବା ୧୧ ଘଟିକାଠାରୁ ଅପରାହ୍ନ ୪ ଘଟିକା ମଧ୍ୟରେ ଆହ୍ୱାନ କରାଯାଉଅଛି। ନମୁନା ପୁସ୍ତକ ସହିତ ପୂରଣ ହୋଇଥିବା ଫର୍ମ ହରେକୃଷ୍ଣ ମହତାବ ରାଜ୍ୟ ଗ୍ରନ୍ଥାଗାରର ବୈଷୟିକ ସେବା ବିଭାଗରେ ଦାଖଲ ହେବ। ଆଗ୍ରହୀ ପୁସ୍ତକ ଲେଖକ/ପ୍ରକାଶକ/ବିତରକ ପ୍ରାଧିକୃତ ସ୍ଥାନୀୟ ପୁସ୍ତକ ବିକ୍ରେତାଙ୍କ ମାଧ୍ୟମରେ ପୁସ୍ତକ ଦାଖଲ କରିବେ ଯଦ୍ୱାରା ଚୟନ ହୋଇଥିବା ପୁସ୍ତକର ବିଲ୍ ସେମାନେ ପ୍ରସ୍ତୁତ କରିବା ସଙ୍ଗେ ସଙ୍ଗେ ଚୟନ ହୋଇ ନଥିବା ପୁସ୍ତକଗୁଡିକୁ ନିଜ ଖର୍ଚ୍ଚରେ ଫେରସ୍ତ ନେବେ। ହିତାଧିକାରୀଙ୍କ ନିର୍ଭୁଲ୍ ବ୍ୟାଙ୍କ୍ ବିବରଣୀ ଜାଣିବା ପାଇଁ ତାଙ୍କ ବ୍ୟାଙ୍କ୍ ଖାତାର ପ୍ରଥମ ପୃଷ୍ଠା କିମ୍ବା ବ୍ୟାଙ୍କ୍ ଚେକ୍‌ର ଏକ ଫଟୋ ନକଲ ଦେବାକୁ ହେବ। ଧାର୍ଯ୍ୟ ତାରିଖ ପରେ ଦାଖଲ ହୋଇଥିବା ପୁସ୍ତକ କିମ୍ବା ନିମ୍ନୋକ୍ତ ଫର୍ମର କୌଣସି ସୂଚନା ଅପୂରଣୀୟ ଥିଲେ କିମ୍ବା ଉପରୋକ୍ତ କାଗଜାତ୍ ଦାଖଲ ହୋଇନଥିଲେ, ଦାଖଲ ହୋଇଥିବା ପୁସ୍ତକ ବିଚାରକୁ ନିଆଯିବ ନାହିଁ। ପ୍ରତ୍ୟେକ ବର୍ଷ ସାଧାରଣ ପୁସ୍ତକ କ୍ରୟ ପାଇଁ ୧୫% ରିହାତି ଓ ବୃତ୍ତିଗତ ପୁସ୍ତକ କ୍ରୟ ପାଇଁ ୨୦% ରିହାତି ପ୍ରକାଶକମାନେ ଦେଇଥାନ୍ତି। ଚଳିତ ବର୍ଷ ଏହି ରିହାତିଠାରୁ ଅଧିକ ରିହାତି ଦେବାକୁ ଆଗ୍ରହୀ ପୁସ୍ତକ ଲେଖକ/ପ୍ରକାଶକ/ବିତରକଙ୍କୁ ଅଗ୍ରାଧିକାର ଦିଆଯିବ। ପୁସ୍ତକ ଚୟନ ସମ୍ବନ୍ଧୀୟ ସମସ୍ତ ନିଷ୍ପତ୍ତି ନେବାକୁ ଚୟନ କମିଟି ହକଦାର ଏବଂ ଏହି କମିଟି ଦ୍ୱାରା ଚୟନ ହୋଇଥିବା ପୁସ୍ତକ କ୍ରୟ ନିମନ୍ତେ ଚୂଡ଼ାନ୍ତ ଅଟେ। ପ୍ରକାଶକ/ବିତରକମାନଙ୍କୁ ଅନୁରୋଧ କରାଯାଉଛି କି, ସେମାନେ ତାଙ୍କର ପୁସ୍ତକ ତାଲିକା EXCEL SHEET ରେ ପ୍ରସ୍ତୁତ କରି ତାହାର Soft Copy ଦାଖଲ କରିବେ।
ଦରଖାସ୍ତର ନମୁନା ଫର୍ମ
କ୍ର. ନଂ.	ପୁସ୍ତକର ନାମ	ଲେଖକ	ପ୍ରକାଶକ	ସଂସ୍କରଣ	ପୃଷ୍ଠା ଖଣ୍ଡ	ପ୍ରକାଶନ ବର୍ଷ	ମୂଲ୍ୟ	ହିତାଧିକାରୀଙ୍କ ବ୍ୟାଙ୍କ ଆକାଉଣ୍ଟ ବିବରଣୀ, ବ୍ୟାଙ୍କ ଶାଖା, ଆକାଉଣ୍ଟ ନଂ. ଓ ଆଇ.ଏଫ.ଏସ୍.କୋଡ	ମୋବାଇଲ ନଂ.
(୧)	(୨)	(୩)	(୪)	(୫)	(୬)	(୭)	(୮)	(୯)	(୧୦)
ତାରିଖ:
ପୁସ୍ତକ ଦାଖଲକାରୀଙ୍କ ସ୍ୱାକ୍ଷର
ସ୍ୱା./–ନିର୍ଦ୍ଦେଶକ
ହରେକୃଷ୍ଣ ମହତାବ ରାଜ୍ୟ ଗ୍ରନ୍ଥାଗାର
OIPR-03016/11/0006/2526	ୟୁନିଟ୍–୪, ଭୁବନେଶ୍ୱର–୭୫୧୦୦୧
